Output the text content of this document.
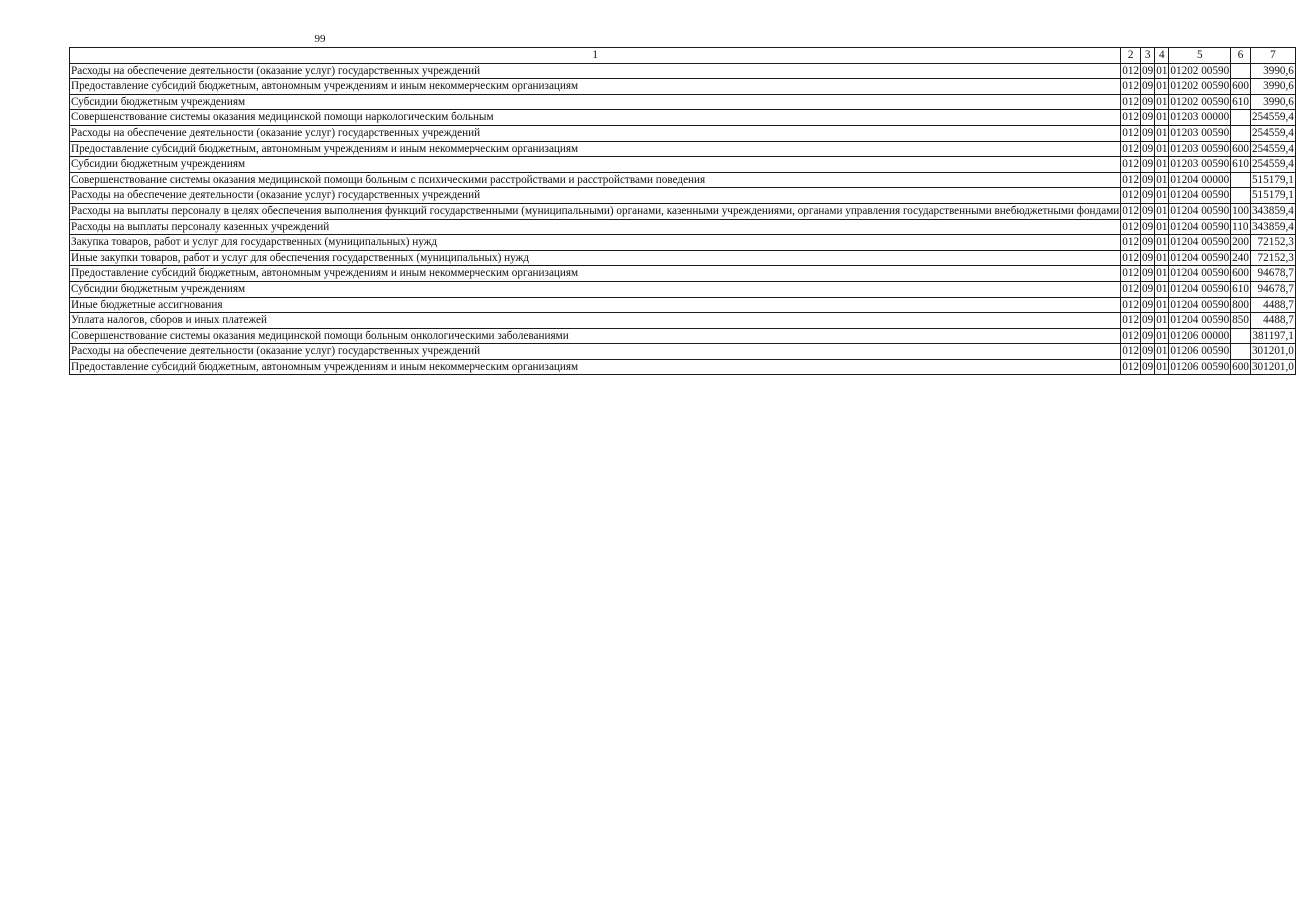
99
1	2	3	4	5	6	7
Расходы на обеспечение деятельности (оказание услуг) государственных учреждений	012	09	01	01202 00590		3990,6
Предоставление субсидий бюджетным, автономным учреждениям и иным некоммерческим организациям	012	09	01	01202 00590	600	3990,6
Субсидии бюджетным учреждениям	012	09	01	01202 00590	610	3990,6
Совершенствование системы оказания медицинской помощи наркологическим больным	012	09	01	01203 00000		254559,4
Расходы на обеспечение деятельности (оказание услуг) государственных учреждений	012	09	01	01203 00590		254559,4
Предоставление субсидий бюджетным, автономным учреждениям и иным некоммерческим организациям	012	09	01	01203 00590	600	254559,4
Субсидии бюджетным учреждениям	012	09	01	01203 00590	610	254559,4
Совершенствование системы оказания медицинской помощи больным с психическими расстройствами и расстройствами поведения	012	09	01	01204 00000		515179,1
Расходы на обеспечение деятельности (оказание услуг) государственных учреждений	012	09	01	01204 00590		515179,1
Расходы на выплаты персоналу в целях обеспечения выполнения функций государственными (муниципальными) органами, казенными учреждениями, органами управления государственными внебюджетными фондами	012	09	01	01204 00590	100	343859,4
Расходы на выплаты персоналу казенных учреждений	012	09	01	01204 00590	110	343859,4
Закупка товаров, работ и услуг для государственных (муниципальных) нужд	012	09	01	01204 00590	200	72152,3
Иные закупки товаров, работ и услуг для обеспечения государственных (муниципальных) нужд	012	09	01	01204 00590	240	72152,3
Предоставление субсидий бюджетным, автономным учреждениям и иным некоммерческим организациям	012	09	01	01204 00590	600	94678,7
Субсидии бюджетным учреждениям	012	09	01	01204 00590	610	94678,7
Иные бюджетные ассигнования	012	09	01	01204 00590	800	4488,7
Уплата налогов, сборов и иных платежей	012	09	01	01204 00590	850	4488,7
Совершенствование системы оказания медицинской помощи больным онкологическими заболеваниями	012	09	01	01206 00000		381197,1
Расходы на обеспечение деятельности (оказание услуг) государственных учреждений	012	09	01	01206 00590		301201,0
Предоставление субсидий бюджетным, автономным учреждениям и иным некоммерческим организациям	012	09	01	01206 00590	600	301201,0
